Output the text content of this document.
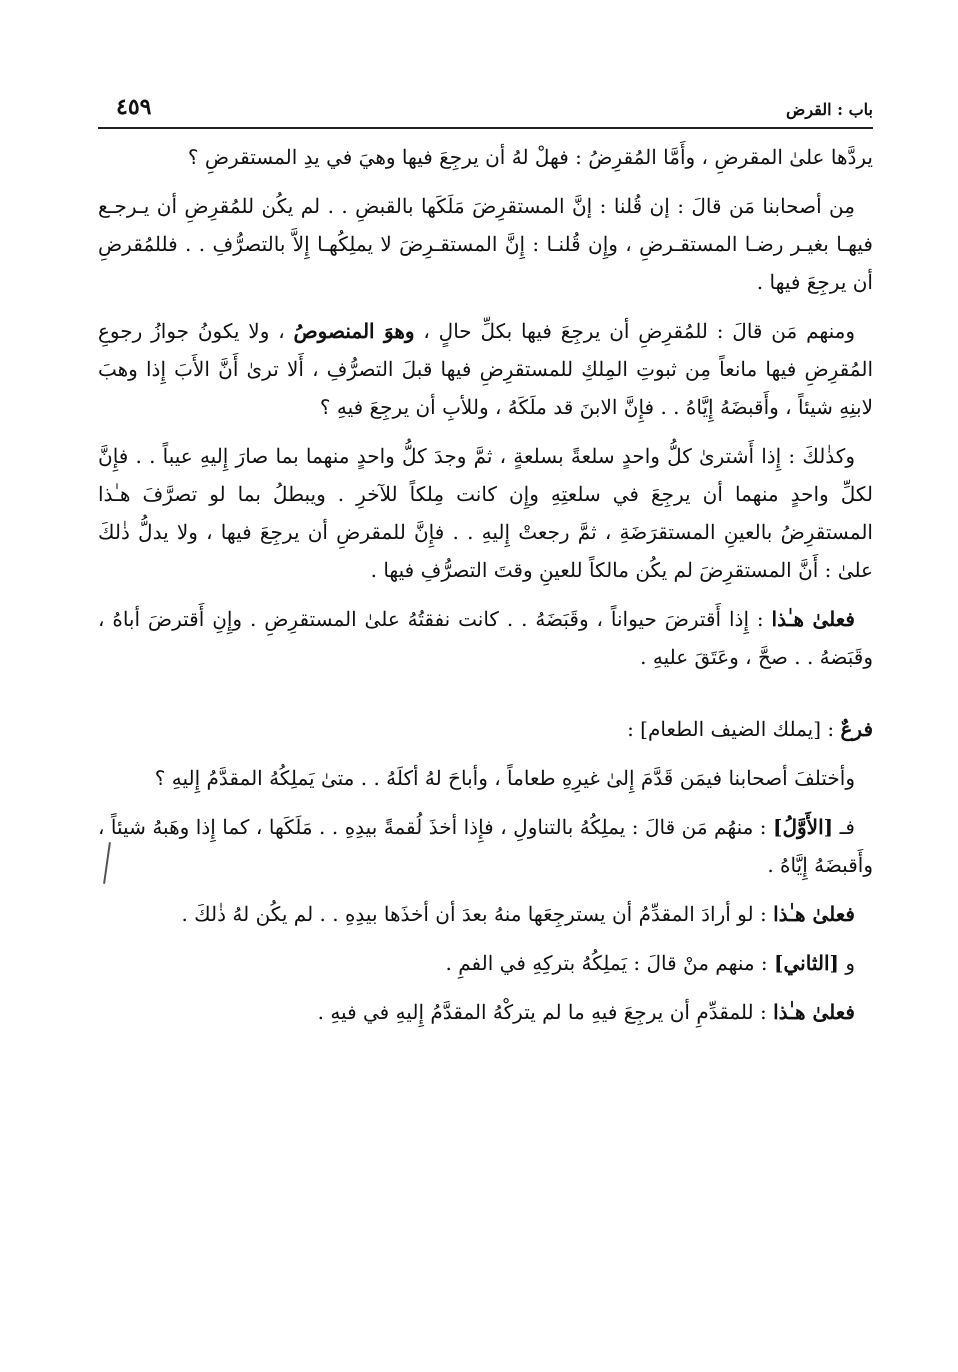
باب : القرض
٤٥٩

يردَّها علىٰ المقرضِ ، وأَمَّا المُقرِضُ : فهلْ لهُ أن يرجِعَ فيها وهيَ في يدِ المستقرضِ ؟

مِن أصحابنا مَن قالَ : إن قُلنا : إنَّ المستقرِضَ مَلَكَها بالقبضِ . . لم يكُن للمُقرِضِ أن يـرجـع فيهـا بغيـر رضـا المستقـرضِ ، وإِن قُلنـا : إِنَّ المستقـرِضَ لا يملِكُهـا إِلاَّ بالتصرُّفِ . . فللمُقرضِ أن يرجِعَ فيها .

ومنهم مَن قالَ : للمُقرِضِ أن يرجِعَ فيها بكلِّ حالٍ ، وهوَ المنصوصُ ، ولا يكونُ جوازُ رجوعِ المُقرِضِ فيها مانعاً مِن ثبوتِ المِلكِ للمستقرِضِ فيها قبلَ التصرُّفِ ، أَلا ترىٰ أَنَّ الأَبَ إِذا وهبَ لابنِهِ شيئاً ، وأَقبضَهُ إِيَّاهُ . . فإِنَّ الابنَ قد ملَكَهُ ، وللأبِ أن يرجِعَ فيهِ ؟

وكذٰلكَ : إِذا أَشترىٰ كلُّ واحدٍ سلعةً بسلعةٍ ، ثمَّ وجدَ كلُّ واحدٍ منهما بما صارَ إِليهِ عيباً . . فإِنَّ لكلِّ واحدٍ منهما أن يرجِعَ في سلعتِهِ وإِن كانت مِلكاً للآخرِ . ويبطلُ بما لو تصرَّفَ هـٰذا المستقرِضُ بالعينِ المستقرَضَةِ ، ثمَّ رجعتْ إِليهِ . . فإِنَّ للمقرضِ أن يرجِعَ فيها ، ولا يدلُّ ذٰلكَ علىٰ : أَنَّ المستقرِضَ لم يكُن مالكاً للعينِ وقتَ التصرُّفِ فيها .

فعلىٰ هـٰذا : إِذا أَقترضَ حيواناً ، وقَبَضَهُ . . كانت نفقتُهُ علىٰ المستقرِضِ . وإِنِ أَقترضَ أباهُ ، وقَبَضهُ . . صحَّ ، وعَتَقَ عليهِ .

فرعٌ : [يملك الضيف الطعام] :

وأختلفَ أصحابنا فيمَن قَدَّمَ إِلىٰ غيرِهِ طعاماً ، وأباحَ لهُ أكلَهُ . . متىٰ يَملِكُهُ المقدَّمُ إِليهِ ؟

فـ [الأَوَّلُ] : منهُم مَن قالَ : يملِكُهُ بالتناولِ ، فإِذا أخذَ لُقمةً بيدِهِ . . مَلَكَها ، كما إِذا وهَبهُ شيئاً ، وأَقبضَهُ إِيَّاهُ .

فعلىٰ هـٰذا : لو أرادَ المقدِّمُ أن يسترجِعَها منهُ بعدَ أن أخذَها بيدِهِ . . لم يكُن لهُ ذٰلكَ .

و [الثاني] : منهم منْ قالَ : يَملِكُهُ بتركِهِ في الفمِ .

فعلىٰ هـٰذا : للمقدِّمِ أن يرجِعَ فيهِ ما لم يتركْهُ المقدَّمُ إِليهِ في فيهِ .
